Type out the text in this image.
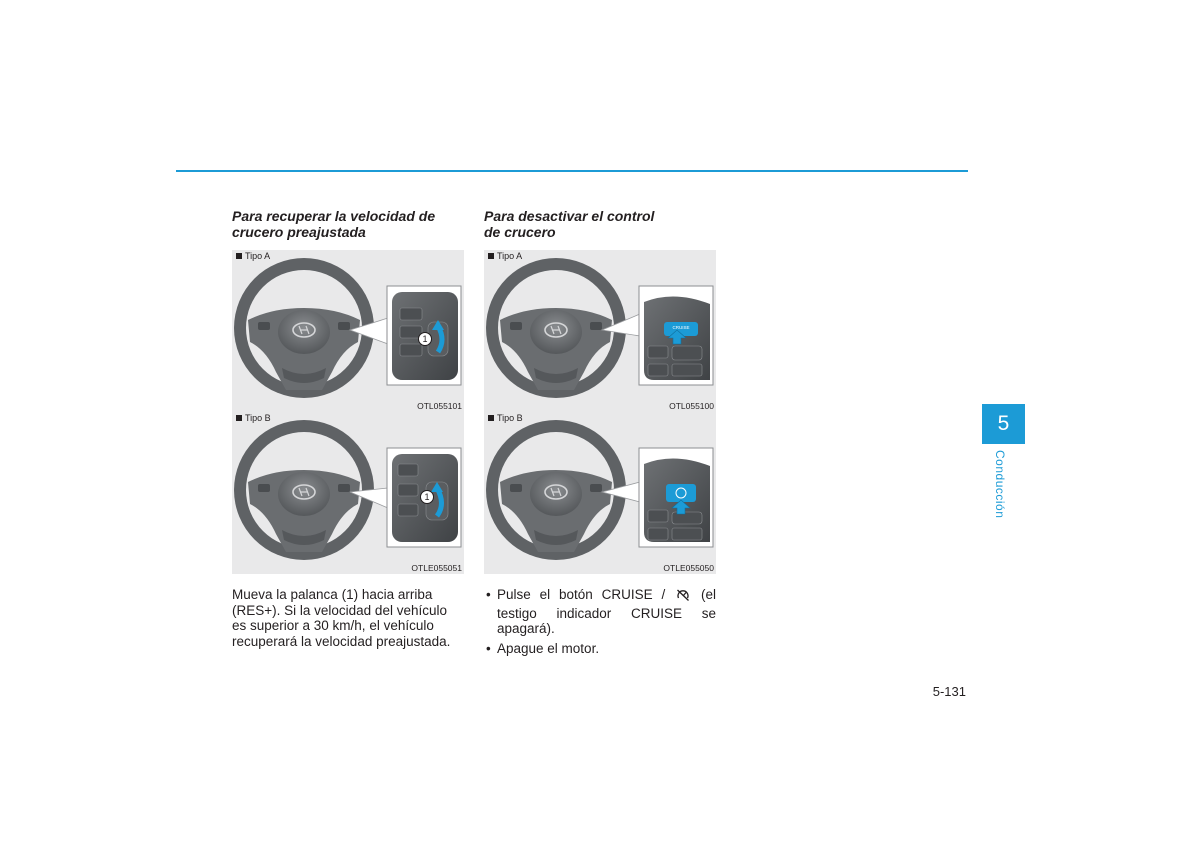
Para recuperar la velocidad de
crucero preajustada
Tipo A
1
OTL055101
Tipo B
1
OTLE055051

Mueva la palanca (1) hacia arriba
(RES+). Si la velocidad del vehículo
es superior a 30 km/h, el vehículo
recuperará la velocidad preajustada.

Para desactivar el control
de crucero
Tipo A
CRUISE
OTL055100
Tipo B
OTLE055050
• Pulse el botón CRUISE /	(el
testigo indicador CRUISE se
apagará).
• Apague el motor.
5
Conducción
5-131
